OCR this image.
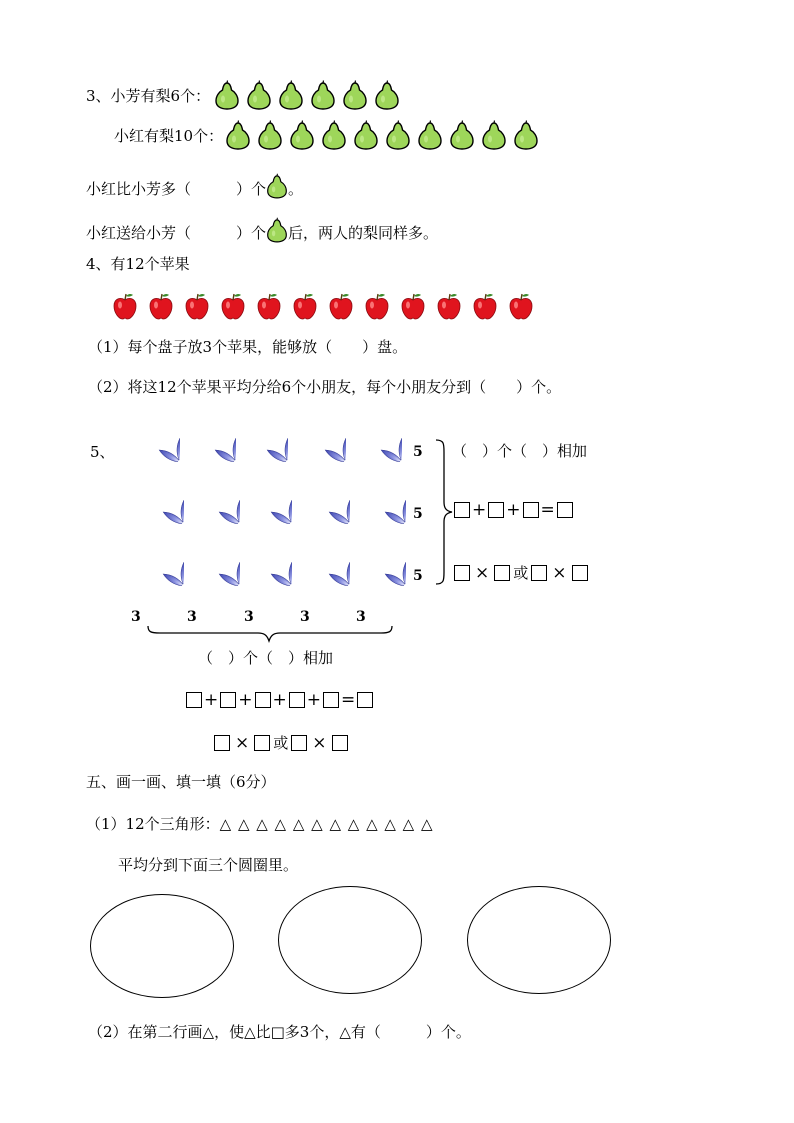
3、小芳有梨6个：
小红有梨10个：
小红比小芳多（　　　）个 。
小红送给小芳（　　　）个 后，两人的梨同样多。
4、有12个苹果
（1）每个盘子放3个苹果，能够放（　　）盘。
（2）将这12个苹果平均分给6个小朋友，每个小朋友分到（　　）个。
5、	5
5
5
（　）个（　）相加
+ + =
× 或 ×
3	3	3	3	3
（　）个（　）相加
+ + + + =
× 或 ×
五、画一画、填一填（6分）
（1）12个三角形：△ △ △ △ △ △ △ △ △ △ △ △
平均分到下面三个圆圈里。
（2）在第二行画△，使△比□多3个，△有（　　　）个。
